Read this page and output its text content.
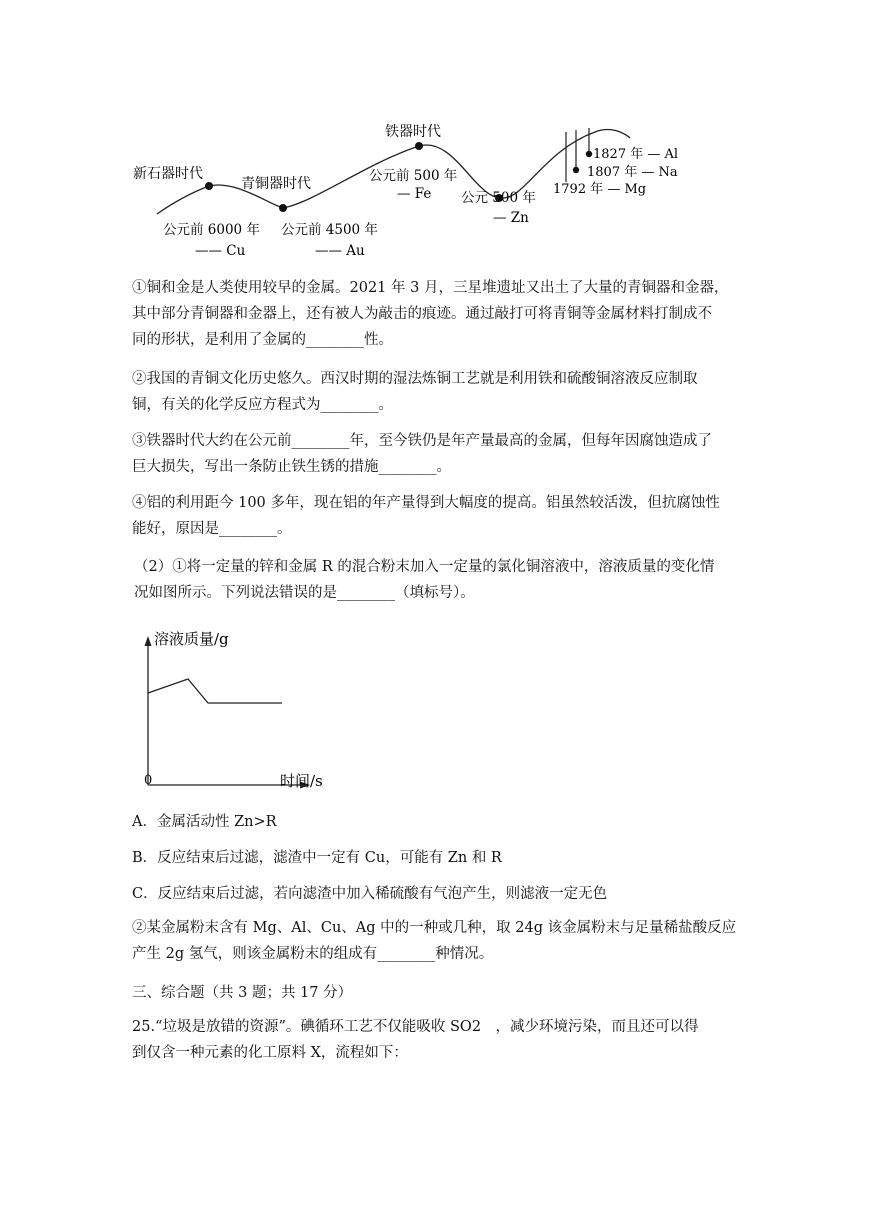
新石器时代
青铜器时代
铁器时代
公元前 6000 年
—— Cu
公元前 4500 年
—— Au
公元前 500 年
— Fe 公元 500 年
— Zn
1827 年 — Al
1807 年 — Na
1792 年 — Mg
①铜和金是人类使用较早的金属。2021 年 3 月，三星堆遗址又出土了大量的青铜器和金器，
其中部分青铜器和金器上，还有被人为敲击的痕迹。通过敲打可将青铜等金属材料打制成不
同的形状，是利用了金属的________性。
②我国的青铜文化历史悠久。西汉时期的湿法炼铜工艺就是利用铁和硫酸铜溶液反应制取
铜，有关的化学反应方程式为________。
③铁器时代大约在公元前________年，至今铁仍是年产量最高的金属，但每年因腐蚀造成了
巨大损失，写出一条防止铁生锈的措施________。
④铝的利用距今 100 多年，现在铝的年产量得到大幅度的提高。铝虽然较活泼，但抗腐蚀性
能好，原因是________。
（2）①将一定量的锌和金属 R 的混合粉末加入一定量的氯化铜溶液中，溶液质量的变化情
况如图所示。下列说法错误的是________（填标号）。
溶液质量/g
时间/s
0
A．金属活动性 Zn>R
B．反应结束后过滤，滤渣中一定有 Cu，可能有 Zn 和 R
C．反应结束后过滤，若向滤渣中加入稀硫酸有气泡产生，则滤液一定无色
②某金属粉末含有 Mg、Al、Cu、Ag 中的一种或几种，取 24g 该金属粉末与足量稀盐酸反应
产生 2g 氢气，则该金属粉末的组成有________种情况。
三、综合题（共 3 题；共 17 分）
25.“垃圾是放错的资源”。碘循环工艺不仅能吸收 SO2　，减少环境污染，而且还可以得
到仅含一种元素的化工原料 X，流程如下：
